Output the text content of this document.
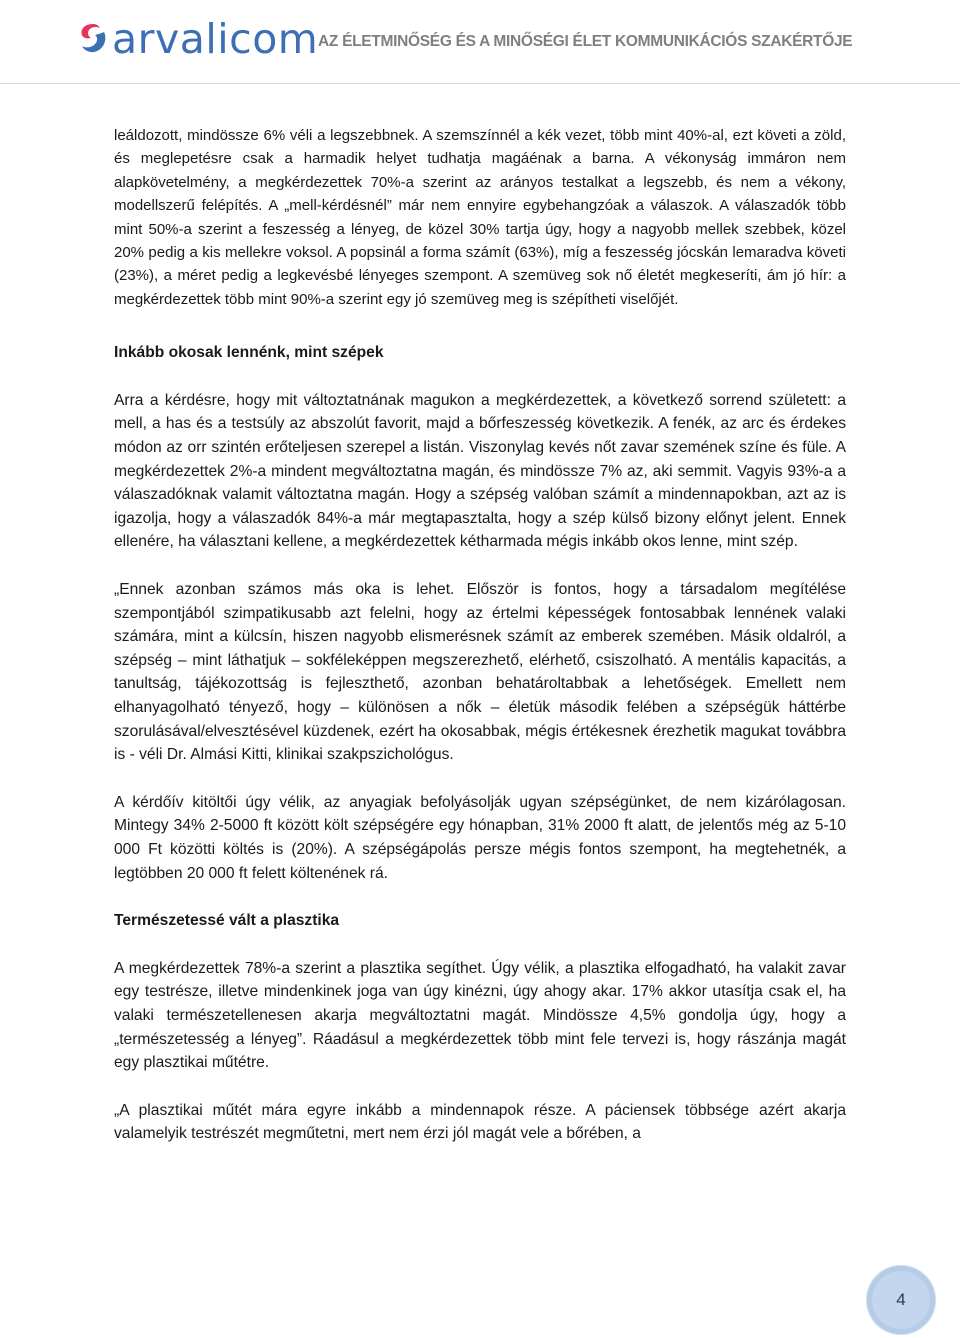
arvalicom AZ ÉLETMINŐSÉG ÉS A MINŐSÉGI ÉLET KOMMUNIKÁCIÓS SZAKÉRTŐJE

leáldozott, mindössze 6% véli a legszebbnek. A szemszínnél a kék vezet, több mint 40%-al, ezt követi a zöld, és meglepetésre csak a harmadik helyet tudhatja magáénak a barna. A vékonyság immáron nem alapkövetelmény, a megkérdezettek 70%-a szerint az arányos testalkat a legszebb, és nem a vékony, modellszerű felépítés. A „mell-kérdésnél” már nem ennyire egybehangzóak a válaszok. A válaszadók több mint 50%-a szerint a feszesség a lényeg, de közel 30% tartja úgy, hogy a nagyobb mellek szebbek, közel 20% pedig a kis mellekre voksol. A popsinál a forma számít (63%), míg a feszesség jócskán lemaradva követi (23%), a méret pedig a legkevésbé lényeges szempont. A szemüveg sok nő életét megkeseríti, ám jó hír: a megkérdezettek több mint 90%-a szerint egy jó szemüveg meg is szépítheti viselőjét.

Inkább okosak lennénk, mint szépek

Arra a kérdésre, hogy mit változtatnának magukon a megkérdezettek, a következő sorrend született: a mell, a has és a testsúly az abszolút favorit, majd a bőrfeszesség következik. A fenék, az arc és érdekes módon az orr szintén erőteljesen szerepel a listán. Viszonylag kevés nőt zavar szemének színe és füle. A megkérdezettek 2%-a mindent megváltoztatna magán, és mindössze 7% az, aki semmit. Vagyis 93%-a a válaszadóknak valamit változtatna magán. Hogy a szépség valóban számít a mindennapokban, azt az is igazolja, hogy a válaszadók 84%-a már megtapasztalta, hogy a szép külső bizony előnyt jelent. Ennek ellenére, ha választani kellene, a megkérdezettek kétharmada mégis inkább okos lenne, mint szép.

„Ennek azonban számos más oka is lehet. Először is fontos, hogy a társadalom megítélése szempontjából szimpatikusabb azt felelni, hogy az értelmi képességek fontosabbak lennének valaki számára, mint a külcsín, hiszen nagyobb elismerésnek számít az emberek szemében. Másik oldalról, a szépség – mint láthatjuk – sokféleképpen megszerezhető, elérhető, csiszolható. A mentális kapacitás, a tanultság, tájékozottság is fejleszthető, azonban behatároltabbak a lehetőségek. Emellett nem elhanyagolható tényező, hogy – különösen a nők – életük második felében a szépségük háttérbe szorulásával/elvesztésével küzdenek, ezért ha okosabbak, mégis értékesnek érezhetik magukat továbbra is - véli Dr. Almási Kitti, klinikai szakpszichológus.

A kérdőív kitöltői úgy vélik, az anyagiak befolyásolják ugyan szépségünket, de nem kizárólagosan. Mintegy 34% 2-5000 ft között költ szépségére egy hónapban, 31% 2000 ft alatt, de jelentős még az 5-10 000 Ft közötti költés is (20%). A szépségápolás persze mégis fontos szempont, ha megtehetnék, a legtöbben 20 000 ft felett költenének rá.

Természetessé vált a plasztika

A megkérdezettek 78%-a szerint a plasztika segíthet. Úgy vélik, a plasztika elfogadható, ha valakit zavar egy testrésze, illetve mindenkinek joga van úgy kinézni, úgy ahogy akar. 17% akkor utasítja csak el, ha valaki természetellenesen akarja megváltoztatni magát. Mindössze 4,5% gondolja úgy, hogy a „természetesség a lényeg”. Ráadásul a megkérdezettek több mint fele tervezi is, hogy rászánja magát egy plasztikai műtétre.

„A plasztikai műtét mára egyre inkább a mindennapok része. A páciensek többsége azért akarja valamelyik testrészét megműtetni, mert nem érzi jól magát vele a bőrében, a

4
